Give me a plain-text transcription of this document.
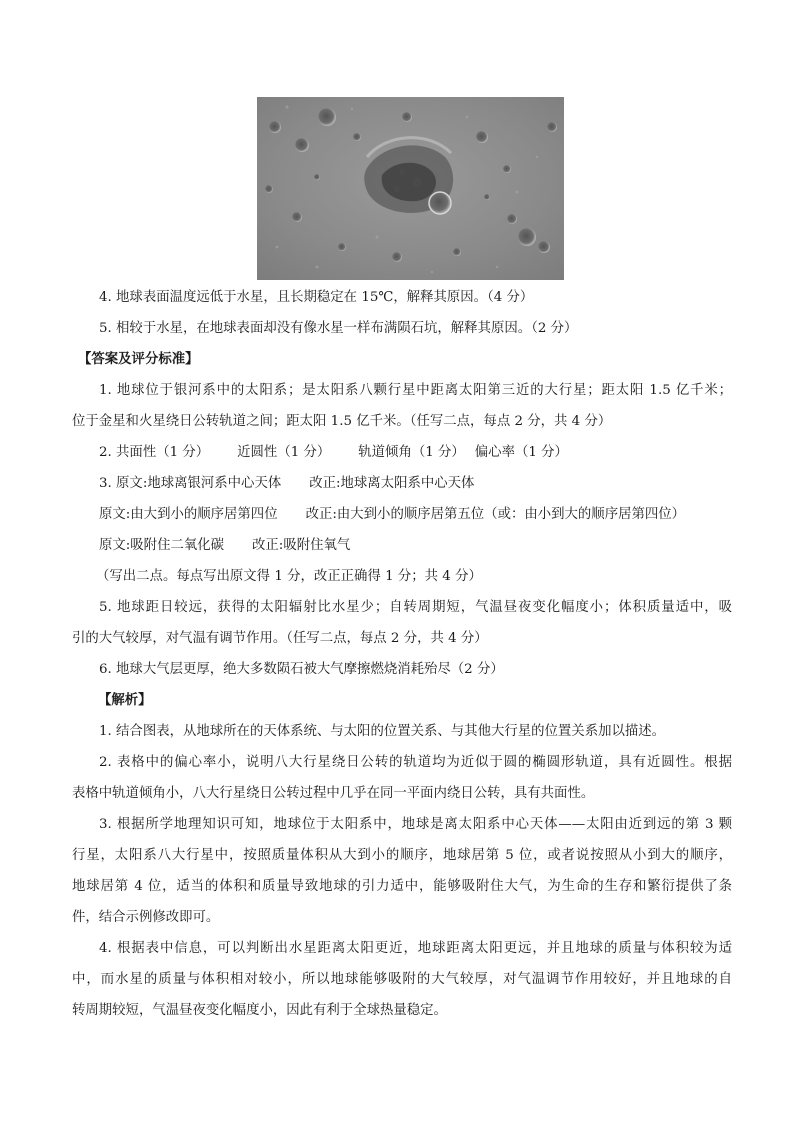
4. 地球表面温度远低于水星，且长期稳定在 15℃，解释其原因。（4 分）

5. 相较于水星，在地球表面却没有像水星一样布满陨石坑，解释其原因。（2 分）

【答案及评分标准】

1. 地球位于银河系中的太阳系；是太阳系八颗行星中距离太阳第三近的大行星；距太阳 1.5 亿千米；

位于金星和火星绕日公转轨道之间；距太阳 1.5 亿千米。（任写二点，每点 2 分，共 4 分）

2. 共面性（1 分） 近圆性（1 分） 轨道倾角（1 分） 偏心率（1 分）

3. 原文:地球离银河系中心天体 改正:地球离太阳系中心天体

原文:由大到小的顺序居第四位 改正:由大到小的顺序居第五位（或：由小到大的顺序居第四位）

原文:吸附住二氧化碳 改正:吸附住氧气

（写出二点。每点写出原文得 1 分，改正正确得 1 分；共 4 分）

5. 地球距日较远，获得的太阳辐射比水星少；自转周期短，气温昼夜变化幅度小；体积质量适中，吸

引的大气较厚，对气温有调节作用。（任写二点，每点 2 分，共 4 分）

6. 地球大气层更厚，绝大多数陨石被大气摩擦燃烧消耗殆尽（2 分）

【解析】

1. 结合图表，从地球所在的天体系统、与太阳的位置关系、与其他大行星的位置关系加以描述。

2. 表格中的偏心率小，说明八大行星绕日公转的轨道均为近似于圆的椭圆形轨道，具有近圆性。根据

表格中轨道倾角小，八大行星绕日公转过程中几乎在同一平面内绕日公转，具有共面性。

3. 根据所学地理知识可知，地球位于太阳系中，地球是离太阳系中心天体——太阳由近到远的第 3 颗

行星，太阳系八大行星中，按照质量体积从大到小的顺序，地球居第 5 位，或者说按照从小到大的顺序，

地球居第 4 位，适当的体积和质量导致地球的引力适中，能够吸附住大气，为生命的生存和繁衍提供了条

件，结合示例修改即可。

4. 根据表中信息，可以判断出水星距离太阳更近，地球距离太阳更远，并且地球的质量与体积较为适

中，而水星的质量与体积相对较小，所以地球能够吸附的大气较厚，对气温调节作用较好，并且地球的自

转周期较短，气温昼夜变化幅度小，因此有利于全球热量稳定。
